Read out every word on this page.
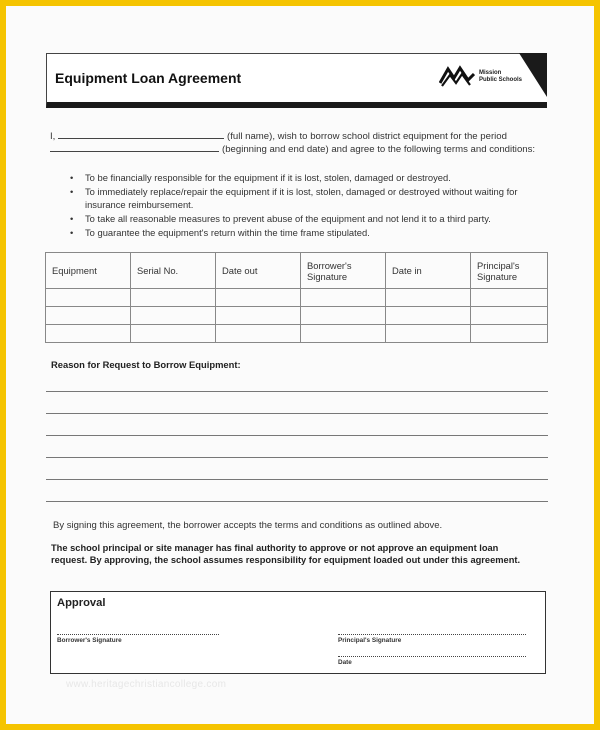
Equipment Loan Agreement	Mission
Public Schools
I,	(full name), wish to borrow school district equipment for the period
(beginning and end date) and agree to the following terms and conditions:
• To be financially responsible for the equipment if it is lost, stolen, damaged or destroyed.
• To immediately replace/repair the equipment if it is lost, stolen, damaged or destroyed without waiting for insurance reimbursement.
• To take all reasonable measures to prevent abuse of the equipment and not lend it to a third party.
• To guarantee the equipment's return within the time frame stipulated.
Equipment	Serial No.	Date out	Borrower's Signature	Date in	Principal's Signature

Reason for Request to Borrow Equipment:
By signing this agreement, the borrower accepts the terms and conditions as outlined above.
The school principal or site manager has final authority to approve or not approve an equipment loan request. By approving, the school assumes responsibility for equipment loaded out under this agreement.
Approval
Borrower's Signature	Principal's Signature
Date
www.heritagechristiancollege.com
